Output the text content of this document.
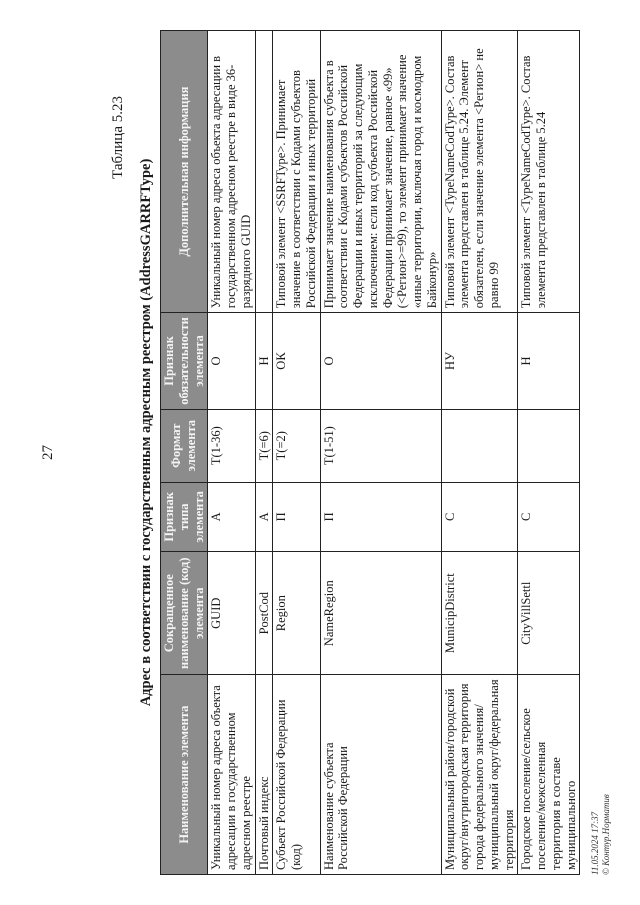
27
Таблица 5.23
Адрес в соответствии с государственным адресным реестром (AddressGARRFType)
Наименование элемента	Сокращенное наименование (код) элемента	Признак типа элемента	Формат элемента	Признак обязательности элемента	Дополнительная информация
Уникальный номер адреса объекта адресации в государственном адресном реестре	GUID	А	T(1-36)	О	Уникальный номер адреса объекта адресации в государственном адресном реестре в виде 36-разрядного GUID
Почтовый индекс	PostCod	А	T(=6)	Н	
Субъект Российской Федерации (код)	Region	П	T(=2)	ОК	Типовой элемент <SSRFType>. Принимает значение в соответствии с Кодами субъектов Российской Федерации и иных территорий
Наименование субъекта Российской Федерации	NameRegion	П	T(1-51)	О	Принимает значение наименования субъекта в соответствии с Кодами субъектов Российской Федерации и иных территорий за следующим исключением: если код субъекта Российской Федерации принимает значение, равное «99» (<Регион>=99), то элемент принимает значение «иные территории, включая город и космодром Байконур»
Муниципальный район/городской округ/внутригородская территория города федерального значения/муниципальный округ/федеральная территория	MunicipDistrict	С		НУ	Типовой элемент <TypeNameCodType>. Состав элемента представлен в таблице 5.24. Элемент обязателен, если значение элемента <Регион> не равно 99
Городское поселение/сельское поселение/межселенная территория в составе муниципального	CityVillSettl	С		Н	Типовой элемент <TypeNameCodType>. Состав элемента представлен в таблице 5.24
11.05.2024 17:37 © Контур.Норматив
